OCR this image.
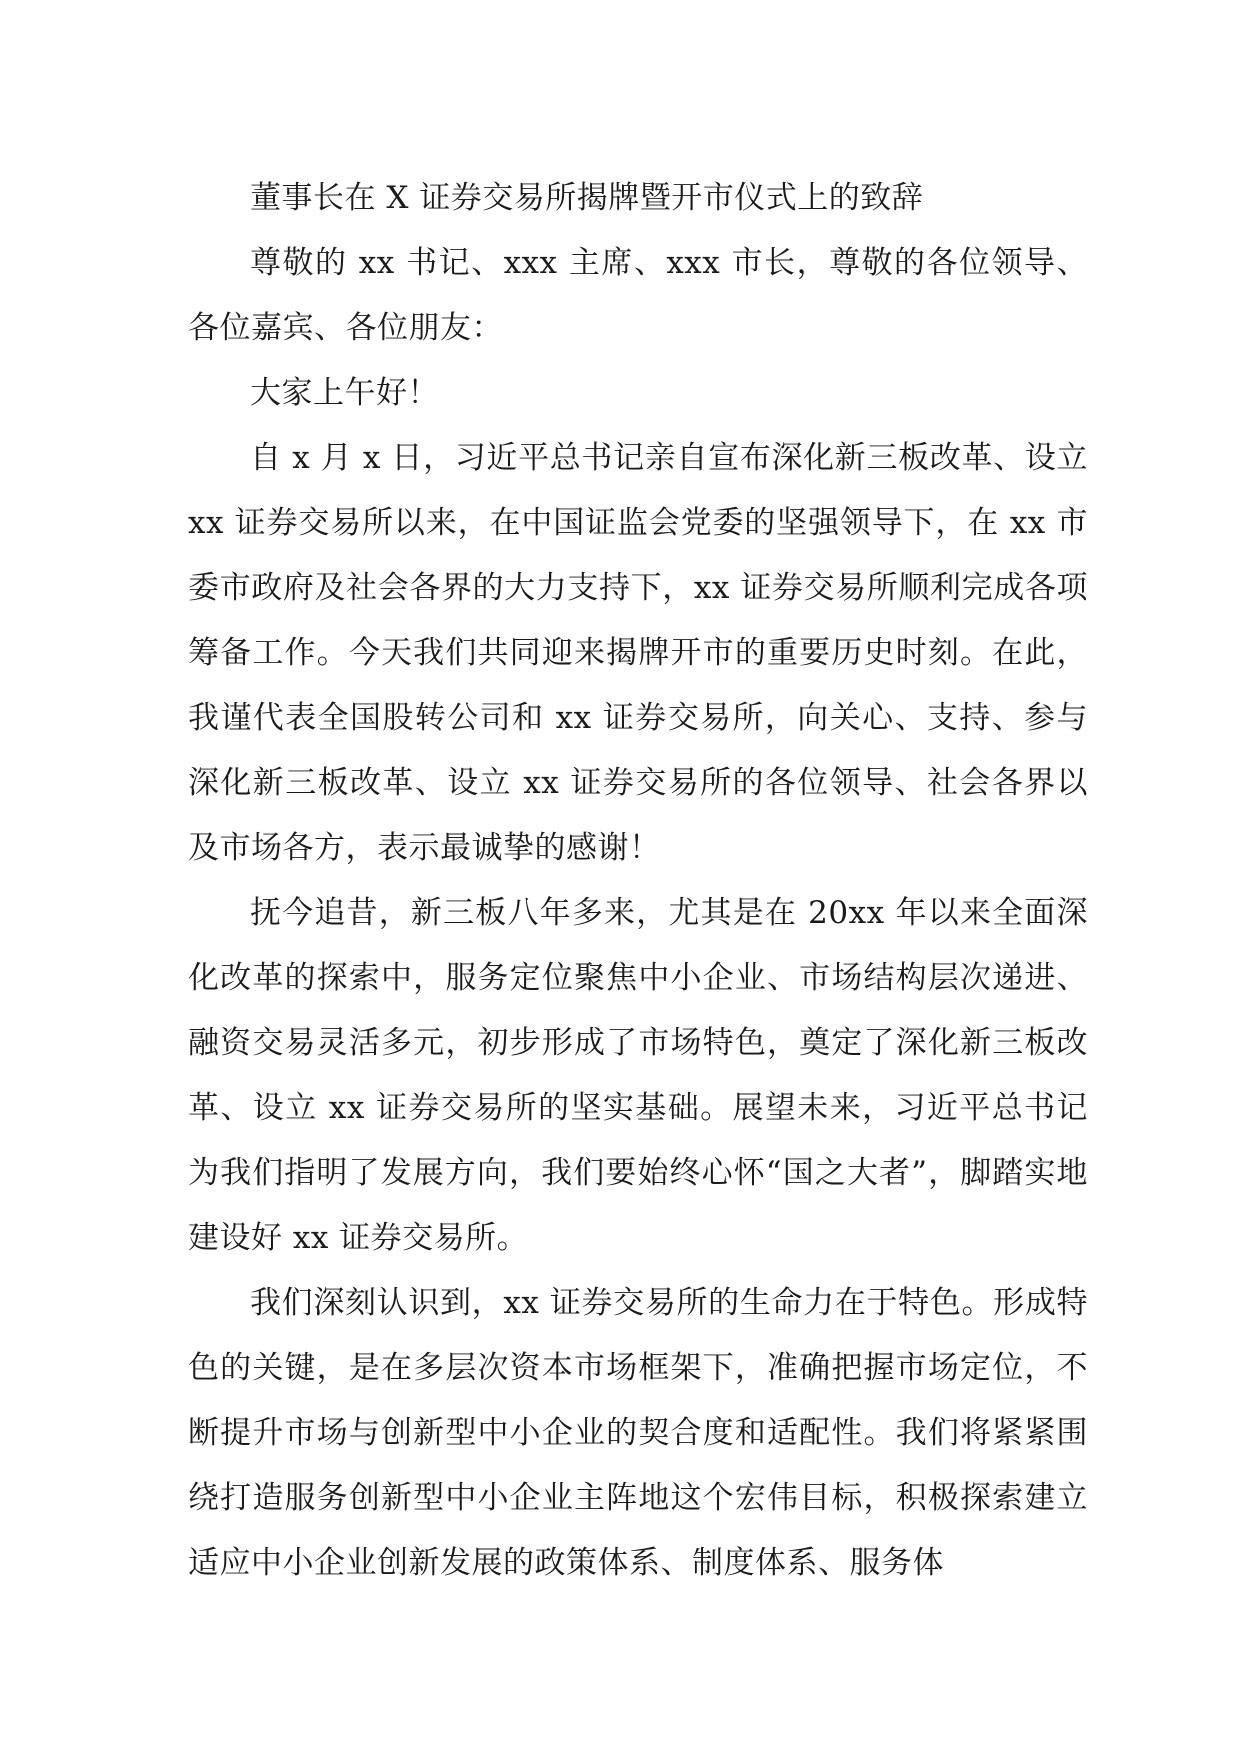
董事长在 X 证券交易所揭牌暨开市仪式上的致辞

尊敬的 xx 书记、xxx 主席、xxx 市长，尊敬的各位领导、各位嘉宾、各位朋友：

大家上午好！

自 x 月 x 日，习近平总书记亲自宣布深化新三板改革、设立 xx 证券交易所以来，在中国证监会党委的坚强领导下，在 xx 市委市政府及社会各界的大力支持下，xx 证券交易所顺利完成各项筹备工作。今天我们共同迎来揭牌开市的重要历史时刻。在此，我谨代表全国股转公司和 xx 证券交易所，向关心、支持、参与深化新三板改革、设立 xx 证券交易所的各位领导、社会各界以及市场各方，表示最诚挚的感谢！

抚今追昔，新三板八年多来，尤其是在 20xx 年以来全面深化改革的探索中，服务定位聚焦中小企业、市场结构层次递进、融资交易灵活多元，初步形成了市场特色，奠定了深化新三板改革、设立 xx 证券交易所的坚实基础。展望未来，习近平总书记为我们指明了发展方向，我们要始终心怀“国之大者”，脚踏实地建设好 xx 证券交易所。

我们深刻认识到，xx 证券交易所的生命力在于特色。形成特色的关键，是在多层次资本市场框架下，准确把握市场定位，不断提升市场与创新型中小企业的契合度和适配性。我们将紧紧围绕打造服务创新型中小企业主阵地这个宏伟目标，积极探索建立适应中小企业创新发展的政策体系、制度体系、服务体
